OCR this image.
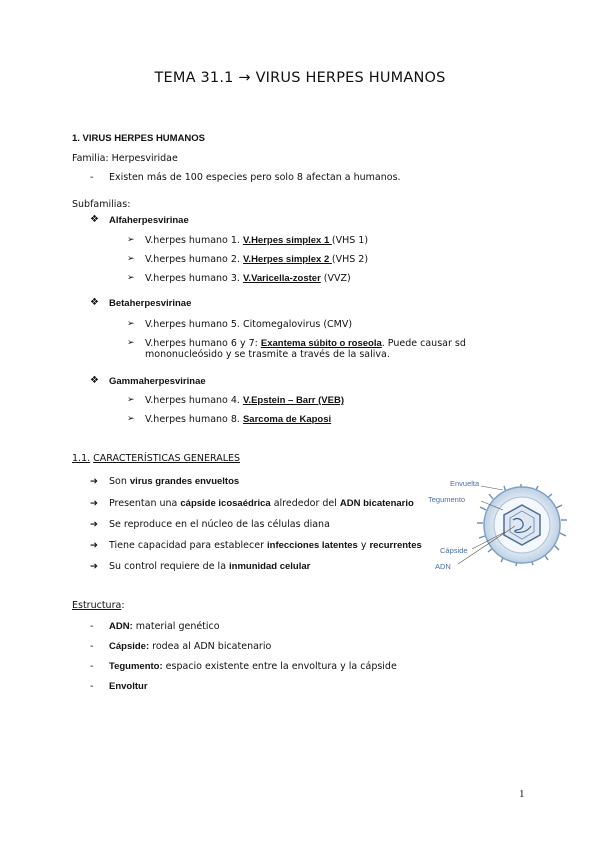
TEMA 31.1 → VIRUS HERPES HUMANOS
1. VIRUS HERPES HUMANOS
Familia: Herpesviridae
- Existen más de 100 especies pero solo 8 afectan a humanos.
Subfamilias:
❖ Alfaherpesvirinae
➢ V.herpes humano 1. V.Herpes simplex 1 (VHS 1)
➢ V.herpes humano 2. V.Herpes simplex 2 (VHS 2)
➢ V.herpes humano 3. V.Varicella-zoster (VVZ)
❖ Betaherpesvirinae
➢ V.herpes humano 5. Citomegalovirus (CMV)
➢ V.herpes humano 6 y 7: Exantema súbito o roseola. Puede causar sd
mononucleósido y se trasmite a través de la saliva.
❖ Gammaherpesvirinae
➢ V.herpes humano 4. V.Epstein – Barr (VEB)
➢ V.herpes humano 8. Sarcoma de Kaposi
1.1. CARACTERÍSTICAS GENERALES
➔ Son virus grandes envueltos
➔ Presentan una cápside icosaédrica alrededor del ADN bicatenario
➔ Se reproduce en el núcleo de las células diana
➔ Tiene capacidad para establecer infecciones latentes y recurrentes
➔ Su control requiere de la inmunidad celular
Envuelta
Tegumento
Cápside
ADN
Estructura:
- ADN: material genético
- Cápside: rodea al ADN bicatenario
- Tegumento: espacio existente entre la envoltura y la cápside
- Envoltur
1
